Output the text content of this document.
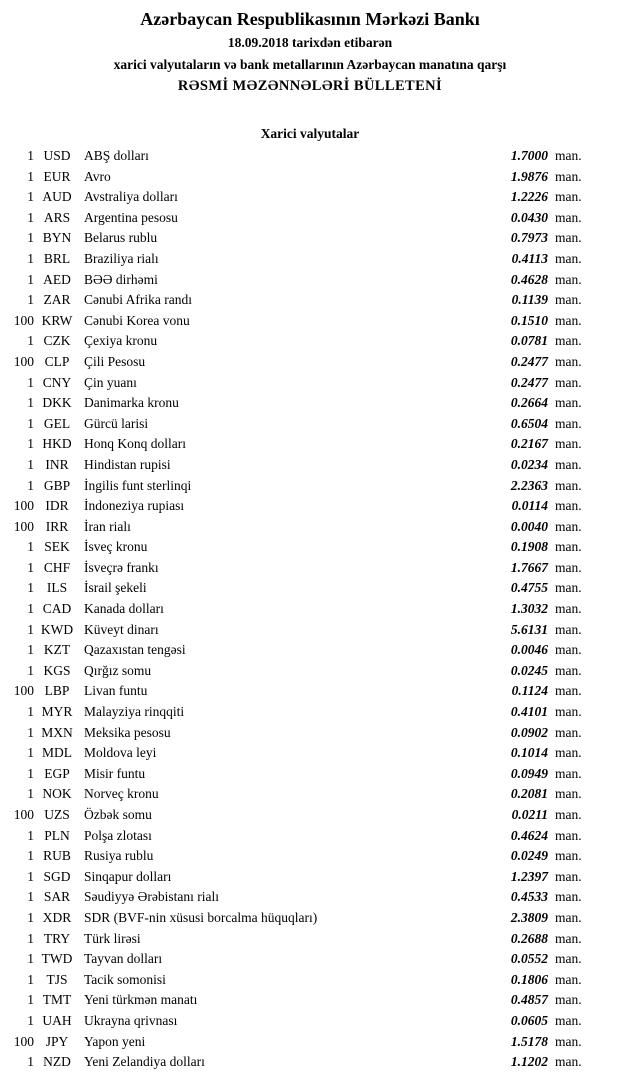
Azərbaycan Respublikasının Mərkəzi Bankı
18.09.2018 tarixdən etibarən
xarici valyutaların və bank metallarının Azərbaycan manatına qarşı
RƏSMİ MƏZƏNNƏLƏRİ BÜLLETENİ
Xarici valyutalar
1 USD	ABŞ dolları	1.7000 man.
1 EUR	Avro	1.9876 man.
1 AUD Avstraliya dolları	1.2226 man.
1 ARS	Argentina pesosu	0.0430 man.
1 BYN Belarus rublu	0.7973 man.
1 BRL	Braziliya rialı	0.4113 man.
1 AED BƏƏ dirhəmi	0.4628 man.
1 ZAR	Cənubi Afrika randı	0.1139 man.
100 KRW Cənubi Korea vonu	0.1510 man.
1 CZK	Çexiya kronu	0.0781 man.
100 CLP	Çili Pesosu	0.2477 man.
1 CNY Çin yuanı	0.2477 man.
1 DKK Danimarka kronu	0.2664 man.
1 GEL	Gürcü larisi	0.6504 man.
1 HKD Honq Konq dolları	0.2167 man.
1 INR	Hindistan rupisi	0.0234 man.
1 GBP	İngilis funt sterlinqi	2.2363 man.
100 IDR	İndoneziya rupiası	0.0114 man.
100 IRR	İran rialı	0.0040 man.
1 SEK	İsveç kronu	0.1908 man.
1 CHF	İsveçrə frankı	1.7667 man.
1 ILS	İsrail şekeli	0.4755 man.
1 CAD Kanada dolları	1.3032 man.
1 KWD Küveyt dinarı	5.6131 man.
1 KZT	Qazaxıstan tengəsi	0.0046 man.
1 KGS	Qırğız somu	0.0245 man.
100 LBP	Livan funtu	0.1124 man.
1 MYR Malayziya rinqqiti	0.4101 man.
1 MXN Meksika pesosu	0.0902 man.
1 MDL Moldova leyi	0.1014 man.
1 EGP	Misir funtu	0.0949 man.
1 NOK Norveç kronu	0.2081 man.
100 UZS	Özbək somu	0.0211 man.
1 PLN	Polşa zlotası	0.4624 man.
1 RUB Rusiya rublu	0.0249 man.
1 SGD	Sinqapur dolları	1.2397 man.
1 SAR	Səudiyyə Ərəbistanı rialı	0.4533 man.
1 XDR SDR (BVF-nin xüsusi borcalma hüquqları)	2.3809 man.
1 TRY	Türk lirəsi	0.2688 man.
1 TWD Tayvan dolları	0.0552 man.
1 TJS	Tacik somonisi	0.1806 man.
1 TMT Yeni türkmən manatı	0.4857 man.
1 UAH Ukrayna qrivnası	0.0605 man.
100 JPY	Yapon yeni	1.5178 man.
1 NZD Yeni Zelandiya dolları	1.1202 man.
